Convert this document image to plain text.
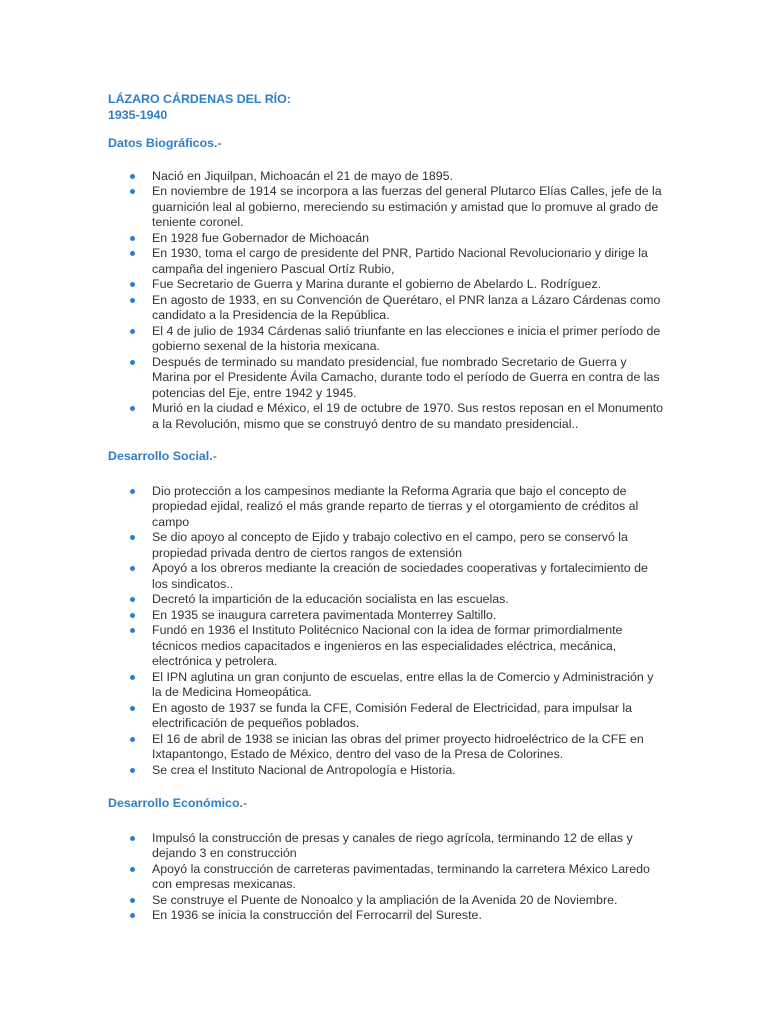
LÁZARO CÁRDENAS DEL RÍO:
1935-1940

Datos Biográficos.-

Nació en Jiquilpan, Michoacán el 21 de mayo de 1895.
En noviembre de 1914 se incorpora a las fuerzas del general Plutarco Elías Calles, jefe de la guarnición leal al gobierno, mereciendo su estimación y amistad que lo promuve al grado de teniente coronel.
En 1928 fue Gobernador de Michoacán
En 1930, toma el cargo de presidente del PNR, Partido Nacional Revolucionario y dirige la campaña del ingeniero Pascual Ortíz Rubio,
Fue Secretario de Guerra y Marina durante el gobierno de Abelardo L. Rodríguez.
En agosto de 1933, en su Convención de Querétaro, el PNR lanza a Lázaro Cárdenas como candidato a la Presidencia de la República.
El 4 de julio de 1934 Cárdenas salió triunfante en las elecciones e inicia el primer período de gobierno sexenal de la historia mexicana.
Después de terminado su mandato presidencial, fue nombrado Secretario de Guerra y Marina por el Presidente Ávila Camacho, durante todo el período de Guerra en contra de las potencias del Eje, entre 1942 y 1945.
Murió en la ciudad e México, el 19 de octubre de 1970. Sus restos reposan en el Monumento a la Revolución, mismo que se construyó dentro de su mandato presidencial..

Desarrollo Social.-

Dio protección a los campesinos mediante la Reforma Agraria que bajo el concepto de propiedad ejidal, realizó el más grande reparto de tierras y el otorgamiento de créditos al campo
Se dio apoyo al concepto de Ejido y trabajo colectivo en el campo, pero se conservó la propiedad privada dentro de ciertos rangos de extensión
Apoyó a los obreros mediante la creación de sociedades cooperativas y fortalecimiento de los sindicatos..
Decretó la impartición de la educación socialista en las escuelas.
En 1935 se inaugura carretera pavimentada Monterrey Saltillo.
Fundó en 1936 el Instituto Politécnico Nacional con la idea de formar primordialmente técnicos medios capacitados e ingenieros en las especialidades eléctrica, mecánica, electrónica y petrolera.
El IPN aglutina un gran conjunto de escuelas, entre ellas la de Comercio y Administración y la de Medicina Homeopática.
En agosto de 1937 se funda la CFE, Comisión Federal de Electricidad, para impulsar la electrificación de pequeños poblados.
El 16 de abril de 1938 se inician las obras del primer proyecto hidroeléctrico de la CFE en Ixtapantongo, Estado de México, dentro del vaso de la Presa de Colorines.
Se crea el Instituto Nacional de Antropología e Historia.

Desarrollo Económico.-

Impulsó la construcción de presas y canales de riego agrícola, terminando 12 de ellas y dejando 3 en construcción
Apoyó la construcción de carreteras pavimentadas, terminando la carretera México Laredo con empresas mexicanas.
Se construye el Puente de Nonoalco y la ampliación de la Avenida 20 de Noviembre.
En 1936 se inicia la construcción del Ferrocarril del Sureste.
